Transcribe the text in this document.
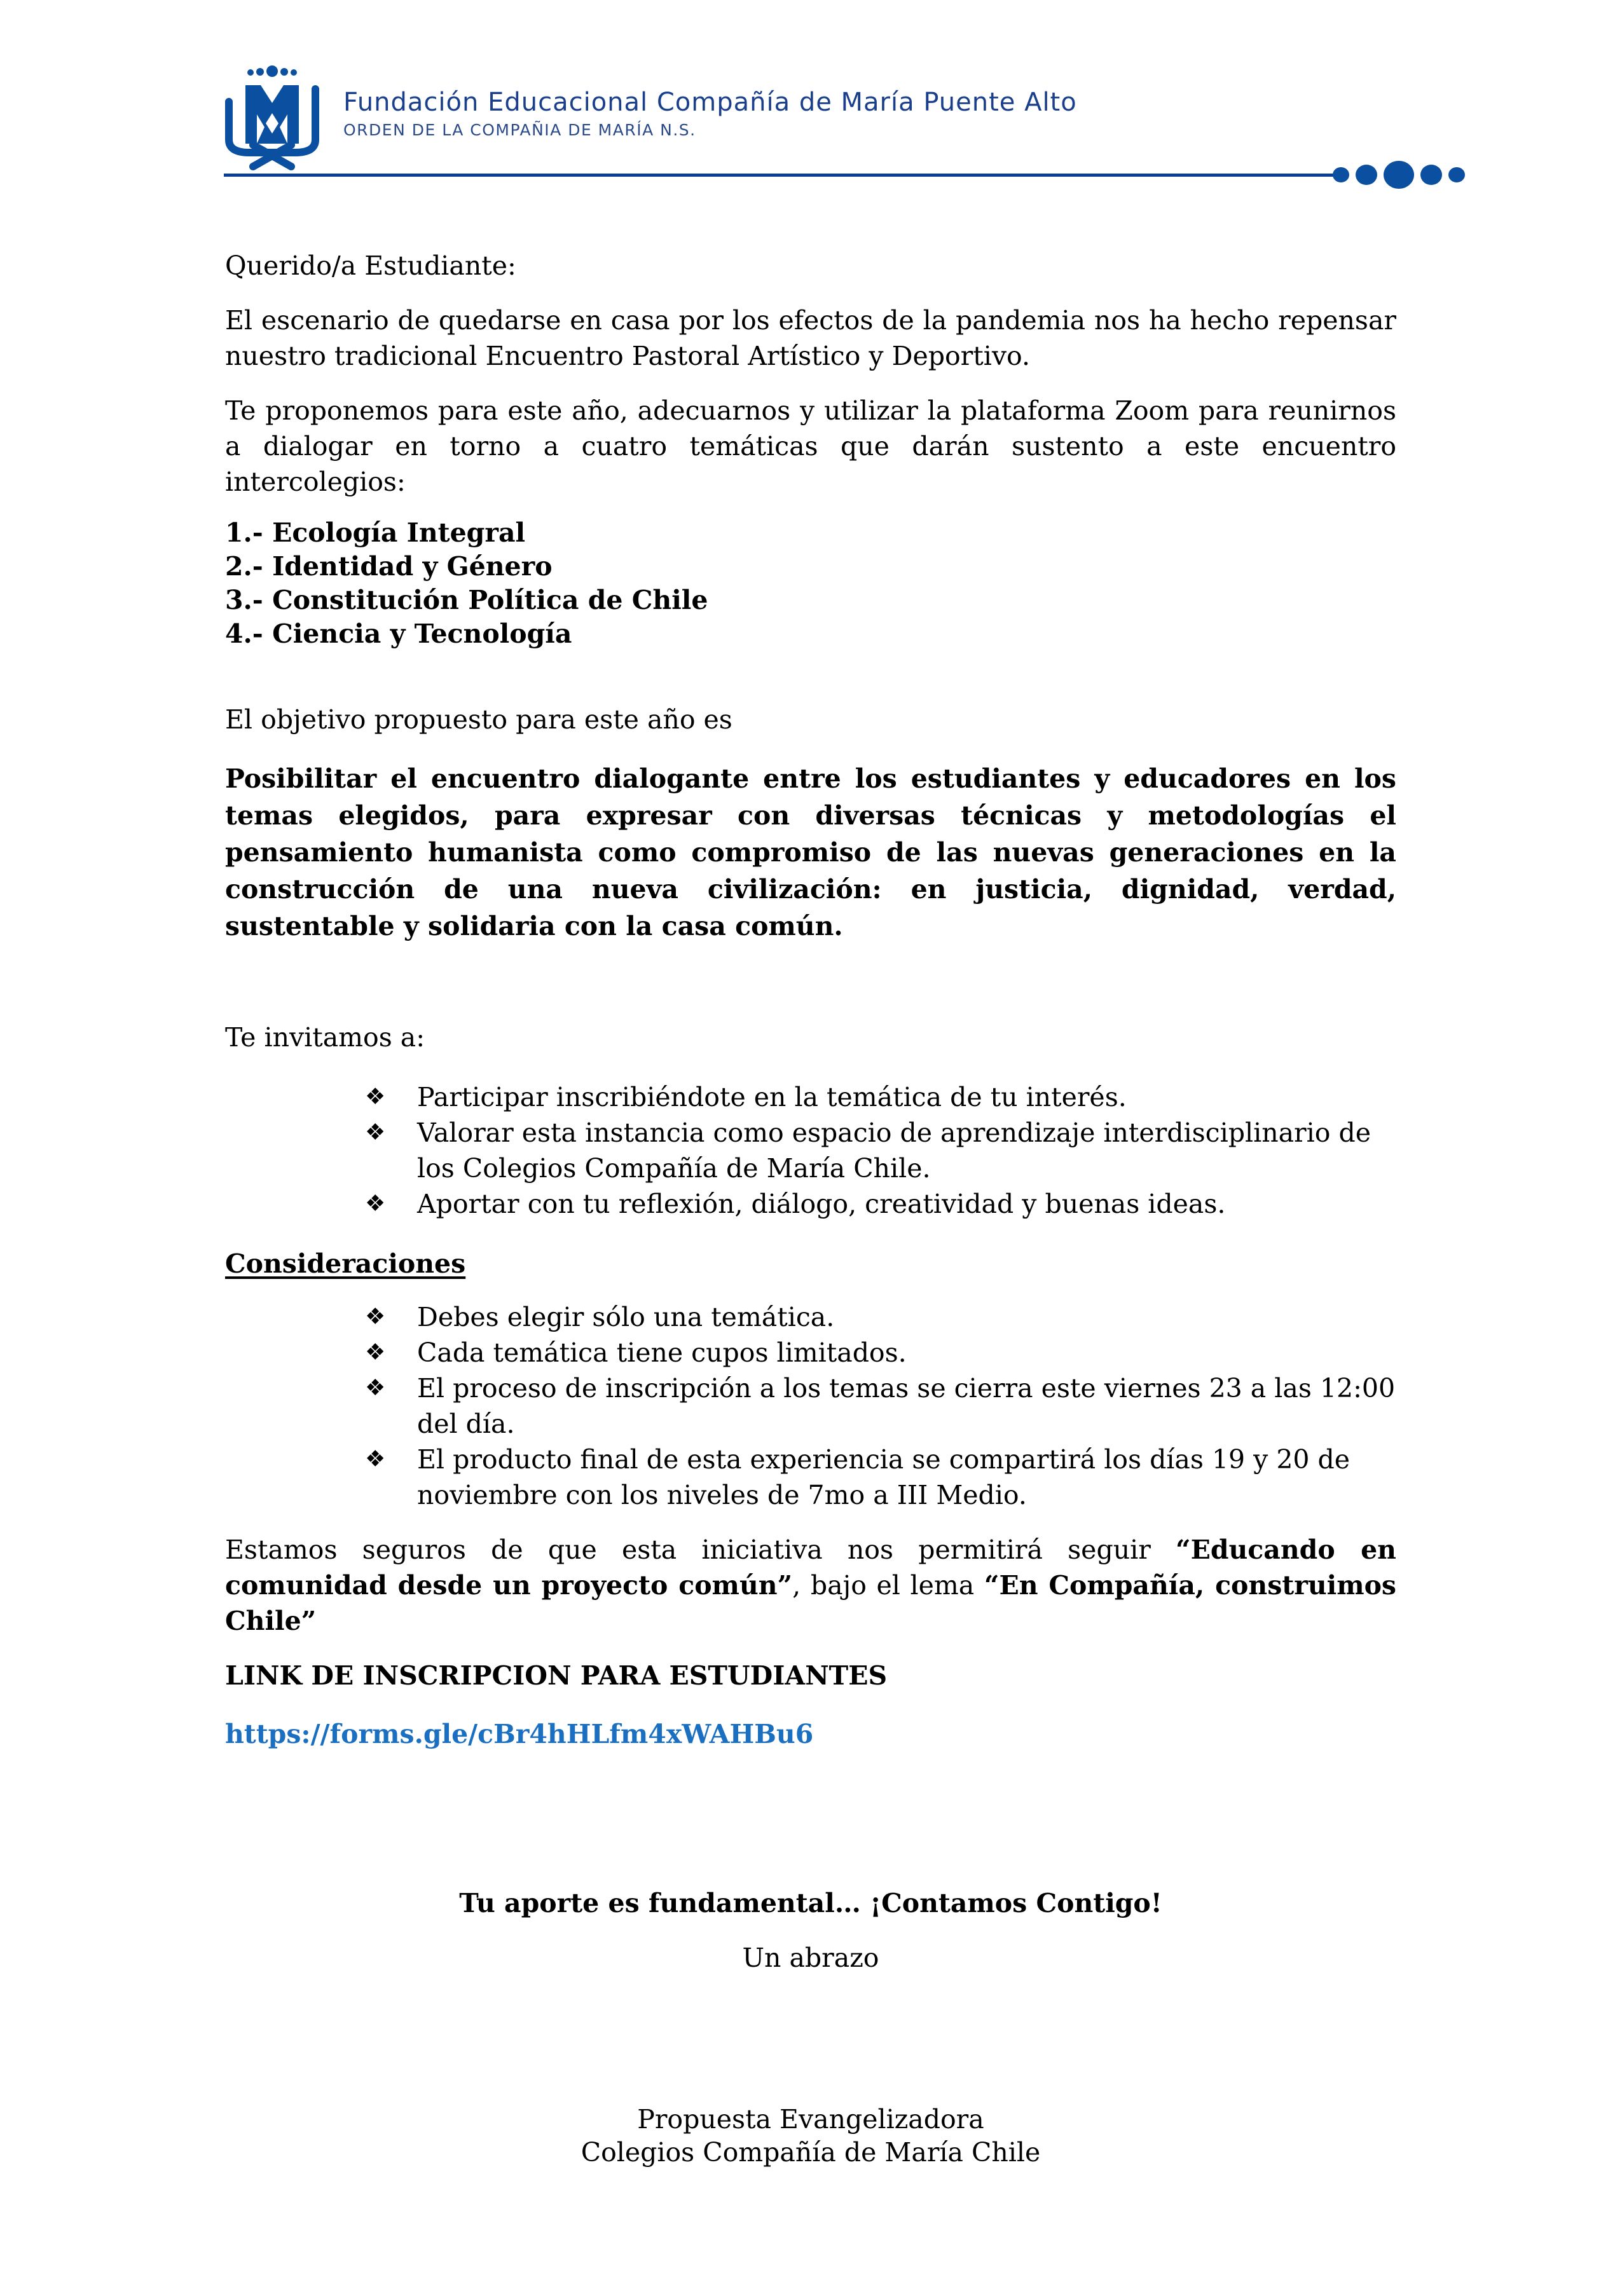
Fundación Educacional Compañía de María Puente Alto
ORDEN DE LA COMPAÑIA DE MARÍA N.S.

Querido/a Estudiante:

El escenario de quedarse en casa por los efectos de la pandemia nos ha hecho repensar nuestro tradicional Encuentro Pastoral Artístico y Deportivo.

Te proponemos para este año, adecuarnos y utilizar la plataforma Zoom para reunirnos a dialogar en torno a cuatro temáticas que darán sustento a este encuentro intercolegios:

1.- Ecología Integral
2.- Identidad y Género
3.- Constitución Política de Chile
4.- Ciencia y Tecnología

El objetivo propuesto para este año es

Posibilitar el encuentro dialogante entre los estudiantes y educadores en los temas elegidos, para expresar con diversas técnicas y metodologías el pensamiento humanista como compromiso de las nuevas generaciones en la construcción de una nueva civilización: en justicia, dignidad, verdad, sustentable y solidaria con la casa común.

Te invitamos a:

❖ Participar inscribiéndote en la temática de tu interés.
❖ Valorar esta instancia como espacio de aprendizaje interdisciplinario de los Colegios Compañía de María Chile.
❖ Aportar con tu reflexión, diálogo, creatividad y buenas ideas.

Consideraciones

❖ Debes elegir sólo una temática.
❖ Cada temática tiene cupos limitados.
❖ El proceso de inscripción a los temas se cierra este viernes 23 a las 12:00 del día.
❖ El producto final de esta experiencia se compartirá los días 19 y 20 de noviembre con los niveles de 7mo a III Medio.

Estamos seguros de que esta iniciativa nos permitirá seguir “Educando en comunidad desde un proyecto común”, bajo el lema “En Compañía, construimos Chile”

LINK DE INSCRIPCION PARA ESTUDIANTES

https://forms.gle/cBr4hHLfm4xWAHBu6

Tu aporte es fundamental… ¡Contamos Contigo!

Un abrazo

Propuesta Evangelizadora

Colegios Compañía de María Chile
